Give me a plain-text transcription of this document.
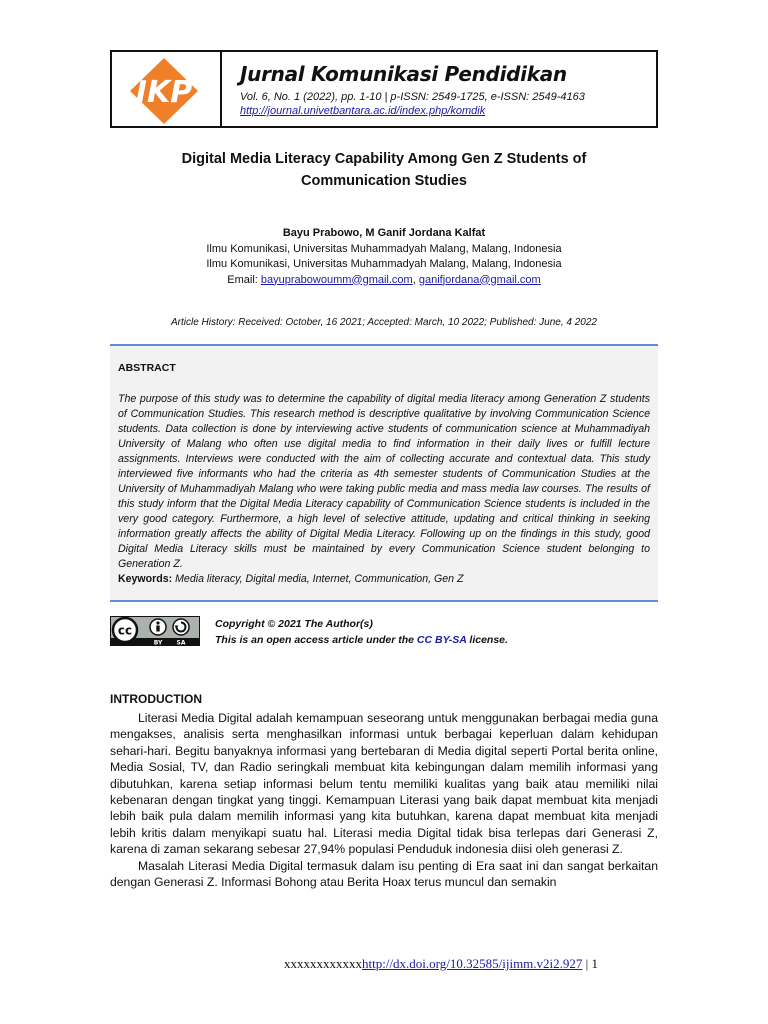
JKP
Jurnal Komunikasi Pendidikan
Vol. 6, No. 1 (2022), pp. 1-10 | p-ISSN: 2549-1725, e-ISSN: 2549-4163
http://journal.univetbantara.ac.id/index.php/komdik
Digital Media Literacy Capability Among Gen Z Students of
Communication Studies
Bayu Prabowo, M Ganif Jordana Kalfat
Ilmu Komunikasi, Universitas Muhammadyah Malang, Malang, Indonesia
Ilmu Komunikasi, Universitas Muhammadyah Malang, Malang, Indonesia
Email: bayuprabowoumm@gmail.com, ganifjordana@gmail.com
Article History: Received: October, 16 2021; Accepted: March, 10 2022; Published: June, 4 2022
ABSTRACT
The purpose of this study was to determine the capability of digital media literacy among Generation Z students of Communication Studies. This research method is descriptive qualitative by involving Communication Science students. Data collection is done by interviewing active students of communication science at Muhammadiyah University of Malang who often use digital media to find information in their daily lives or fulfill lecture assignments. Interviews were conducted with the aim of collecting accurate and contextual data. This study interviewed five informants who had the criteria as 4th semester students of Communication Studies at the University of Muhammadiyah Malang who were taking public media and mass media law courses. The results of this study inform that the Digital Media Literacy capability of Communication Science students is included in the very good category. Furthermore, a high level of selective attitude, updating and critical thinking in seeking information greatly affects the ability of Digital Media Literacy. Following up on the findings in this study, good Digital Media Literacy skills must be maintained by every Communication Science student belonging to Generation Z.
Keywords: Media literacy, Digital media, Internet, Communication, Gen Z
cc
BY SA
Copyright © 2021 The Author(s)
This is an open access article under the CC BY-SA license.
INTRODUCTION

Literasi Media Digital adalah kemampuan seseorang untuk menggunakan berbagai media guna mengakses, analisis serta menghasilkan informasi untuk berbagai keperluan dalam kehidupan sehari-hari. Begitu banyaknya informasi yang bertebaran di Media digital seperti Portal berita online, Media Sosial, TV, dan Radio seringkali membuat kita kebingungan dalam memilih informasi yang dibutuhkan, karena setiap informasi belum tentu memiliki kualitas yang baik atau memiliki nilai kebenaran dengan tingkat yang tinggi. Kemampuan Literasi yang baik dapat membuat kita menjadi lebih baik pula dalam memilih informasi yang kita butuhkan, karena dapat membuat kita menjadi lebih kritis dalam menyikapi suatu hal. Literasi media Digital tidak bisa terlepas dari Generasi Z, karena di zaman sekarang sebesar 27,94% populasi Penduduk indonesia diisi oleh generasi Z.

Masalah Literasi Media Digital termasuk dalam isu penting di Era saat ini dan sangat berkaitan dengan Generasi Z. Informasi Bohong atau Berita Hoax terus muncul dan semakin

xxxxxxxxxxxxhttp://dx.doi.org/10.32585/ijimm.v2i2.927 | 1
